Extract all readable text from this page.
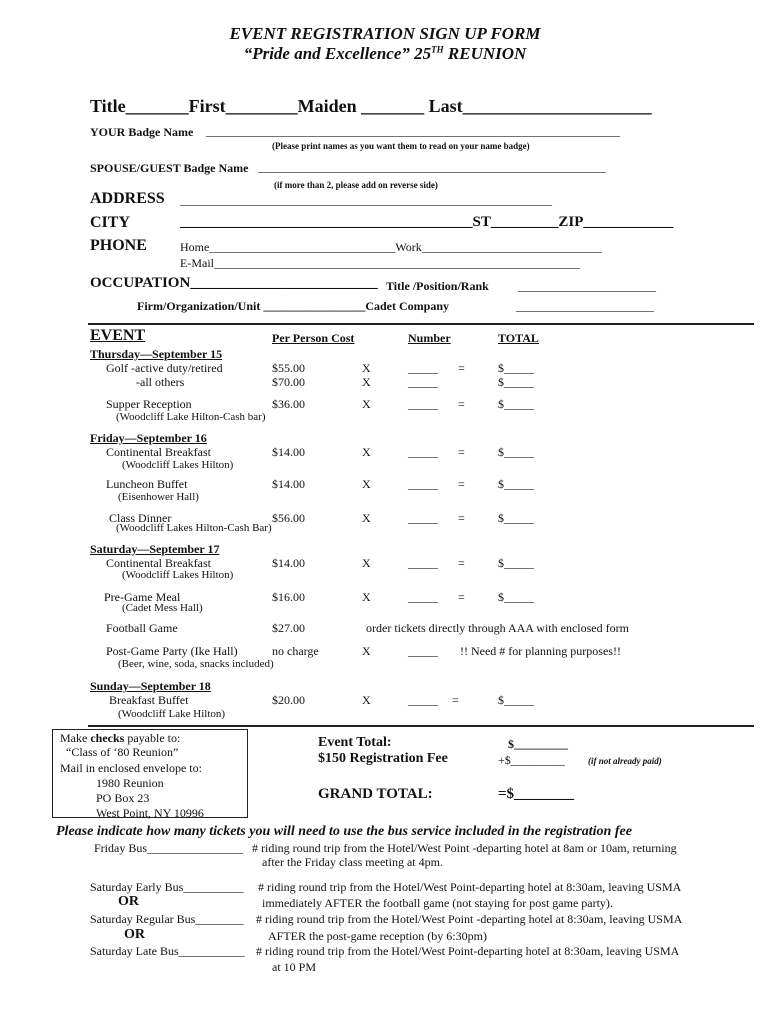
EVENT REGISTRATION SIGN UP FORM
“Pride and Excellence” 25TH REUNION
Title_______First________Maiden _______ Last_____________________
YOUR Badge Name _____________________________________________________________________
(Please print names as you want them to read on your name badge)
SPOUSE/GUEST Badge Name __________________________________________________________
(if more than 2, please add on reverse side)
ADDRESS ______________________________________________________________
CITY	_______________________________________ST_________ZIP____________
PHONE	Home_______________________________Work______________________________
E-Mail_____________________________________________________________
OCCUPATION_________________________ Title /Position/Rank _______________________
Firm/Organization/Unit _________________Cadet Company	_______________________
EVENT	Per Person Cost	Number	TOTAL
Thursday—September 15
Golf -active duty/retired	$55.00	X	_____ =	$_____
-all others	$70.00	X	_____	$_____
Supper Reception	$36.00	X	_____ =	$_____
(Woodcliff Lake Hilton-Cash bar)
Friday—September 16
Continental Breakfast	$14.00	X	_____ =	$_____
(Woodcliff Lakes Hilton)
Luncheon Buffet	$14.00	X	_____ =	$_____
(Eisenhower Hall)
Class Dinner	$56.00	X	_____ =	$_____
(Woodcliff Lakes Hilton-Cash Bar)
Saturday—September 17
Continental Breakfast	$14.00	X	_____ =	$_____
(Woodcliff Lakes Hilton)
Pre-Game Meal	$16.00	X	_____ =	$_____
(Cadet Mess Hall)
Football Game	$27.00	order tickets directly through AAA with enclosed form
Post-Game Party (Ike Hall)	no charge	X	_____ !! Need # for planning purposes!!
(Beer, wine, soda, snacks included)
Sunday—September 18
Breakfast Buffet	$20.00	X	_____ =	$_____
(Woodcliff Lake Hilton)
Make checks payable to:
“Class of ‘80 Reunion”
Mail in enclosed envelope to:
1980 Reunion
PO Box 23
West Point, NY 10996
Event Total:	$_________
$150 Registration Fee	+$_________	(if not already paid)
GRAND TOTAL:	=$________
Please indicate how many tickets you will need to use the bus service included in the registration fee
Friday Bus________________ # riding round trip from the Hotel/West Point -departing hotel at 8am or 10am, returning
after the Friday class meeting at 4pm.
Saturday Early Bus__________ # riding round trip from the Hotel/West Point-departing hotel at 8:30am, leaving USMA
OR	immediately AFTER the football game (not staying for post game party).
Saturday Regular Bus________ # riding round trip from the Hotel/West Point -departing hotel at 8:30am, leaving USMA
OR	AFTER the post-game reception (by 6:30pm)
Saturday Late Bus___________ # riding round trip from the Hotel/West Point-departing hotel at 8:30am, leaving USMA
at 10 PM
